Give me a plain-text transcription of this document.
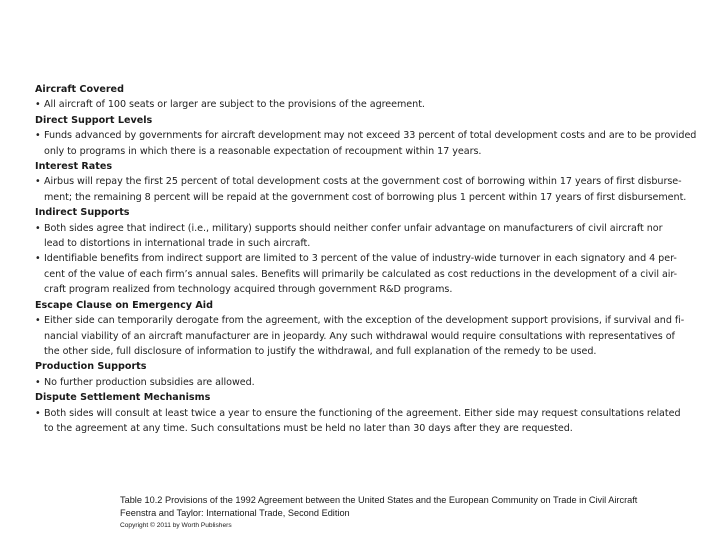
Aircraft Covered
• All aircraft of 100 seats or larger are subject to the provisions of the agreement.
Direct Support Levels
• Funds advanced by governments for aircraft development may not exceed 33 percent of total development costs and are to be provided
only to programs in which there is a reasonable expectation of recoupment within 17 years.
Interest Rates
• Airbus will repay the first 25 percent of total development costs at the government cost of borrowing within 17 years of first disburse-
ment; the remaining 8 percent will be repaid at the government cost of borrowing plus 1 percent within 17 years of first disbursement.
Indirect Supports
• Both sides agree that indirect (i.e., military) supports should neither confer unfair advantage on manufacturers of civil aircraft nor
lead to distortions in international trade in such aircraft.
• Identifiable benefits from indirect support are limited to 3 percent of the value of industry-wide turnover in each signatory and 4 per-
cent of the value of each firm’s annual sales. Benefits will primarily be calculated as cost reductions in the development of a civil air-
craft program realized from technology acquired through government R&D programs.
Escape Clause on Emergency Aid
• Either side can temporarily derogate from the agreement, with the exception of the development support provisions, if survival and fi-
nancial viability of an aircraft manufacturer are in jeopardy. Any such withdrawal would require consultations with representatives of
the other side, full disclosure of information to justify the withdrawal, and full explanation of the remedy to be used.
Production Supports
• No further production subsidies are allowed.
Dispute Settlement Mechanisms
• Both sides will consult at least twice a year to ensure the functioning of the agreement. Either side may request consultations related
to the agreement at any time. Such consultations must be held no later than 30 days after they are requested.
Table 10.2 Provisions of the 1992 Agreement between the United States and the European Community on Trade in Civil Aircraft
Feenstra and Taylor: International Trade, Second Edition
Copyright © 2011 by Worth Publishers
